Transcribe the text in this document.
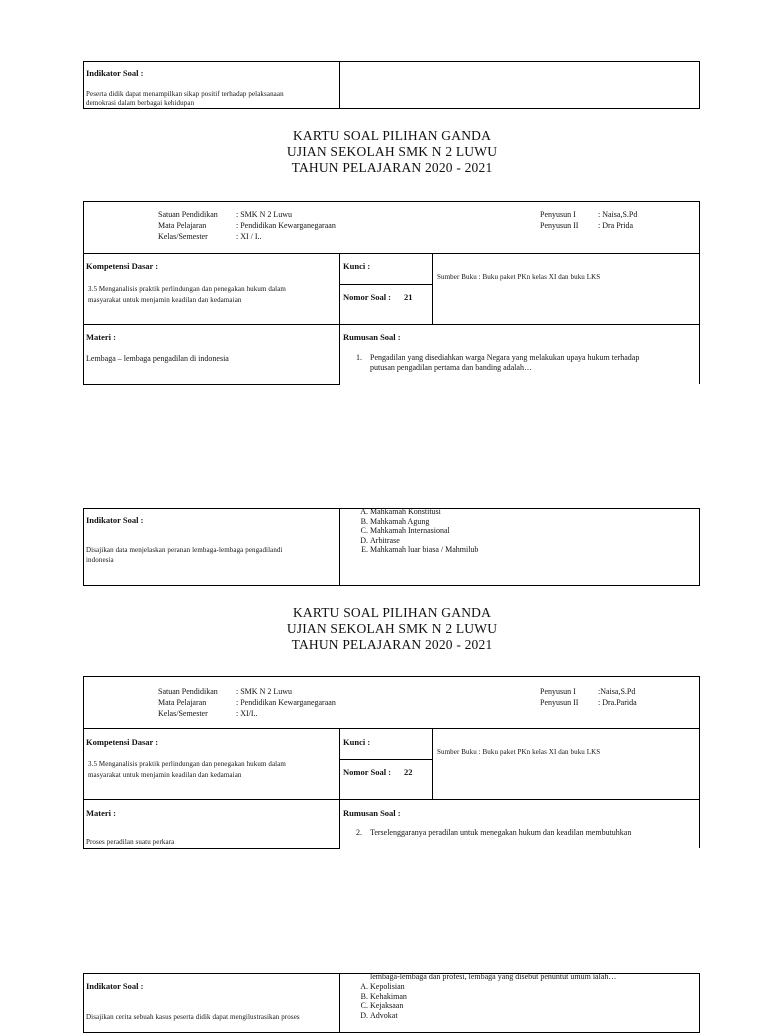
Indikator Soal :
Peserta didik dapat menampilkan sikap positif terhadap pelaksanaan
demokrasi dalam berbagai kehidupan
KARTU SOAL PILIHAN GANDA
UJIAN SEKOLAH SMK N 2 LUWU
TAHUN PELAJARAN 2020 - 2021
Satuan Pendidikan
Mata Pelajaran
Kelas/Semester
: SMK N 2 Luwu
: Pendidikan Kewarganegaraan
: XI / I..
Penyusun I
Penyusun II
: Naisa,S.Pd
: Dra Prida
Kompetensi Dasar :
3.5 Menganalisis praktik perlindungan dan penegakan hukum dalam
masyarakat untuk menjamin keadilan dan kedamaian
Kunci :
Nomor Soal : 21
Sumber Buku : Buku paket PKn kelas XI dan buku LKS
Materi :
Lembaga – lembaga pengadilan di indonesia
Rumusan Soal :
1. Pengadilan yang disediahkan warga Negara yang melakukan upaya hukum terhadap
putusan pengadilan pertama dan banding adalah…
Indikator Soal :
Disajikan data menjelaskan peranan lembaga-lembaga pengadilandi
indonesia
A. Mahkamah Konstitusi
B. Mahkamah Agung
C. Mahkamah Internasional
D. Arbitrase
E. Mahkamah luar biasa / Mahmilub
KARTU SOAL PILIHAN GANDA
UJIAN SEKOLAH SMK N 2 LUWU
TAHUN PELAJARAN 2020 - 2021
Satuan Pendidikan
Mata Pelajaran
Kelas/Semester
: SMK N 2 Luwu
: Pendidikan Kewarganegaraan
: XI/I..
Penyusun I
Penyusun II
:Naisa,S.Pd
: Dra.Parida
Kompetensi Dasar :
3.5 Menganalisis praktik perlindungan dan penegakan hukum dalam
masyarakat untuk menjamin keadilan dan kedamaian
Kunci :
Nomor Soal : 22
Sumber Buku : Buku paket PKn kelas XI dan buku LKS
Materi :
Proses peradilan suatu perkara
Rumusan Soal :
2. Terselenggaranya peradilan untuk menegakan hukum dan keadilan membutuhkan
Indikator Soal :
Disajikan cerita sebuah kasus peserta didik dapat mengilustrasikan proses
lembaga-lembaga dan profesi, lembaga yang disebut penuntut umum ialah…
A. Kepolisian
B. Kehakiman
C. Kejaksaan
D. Advokat
